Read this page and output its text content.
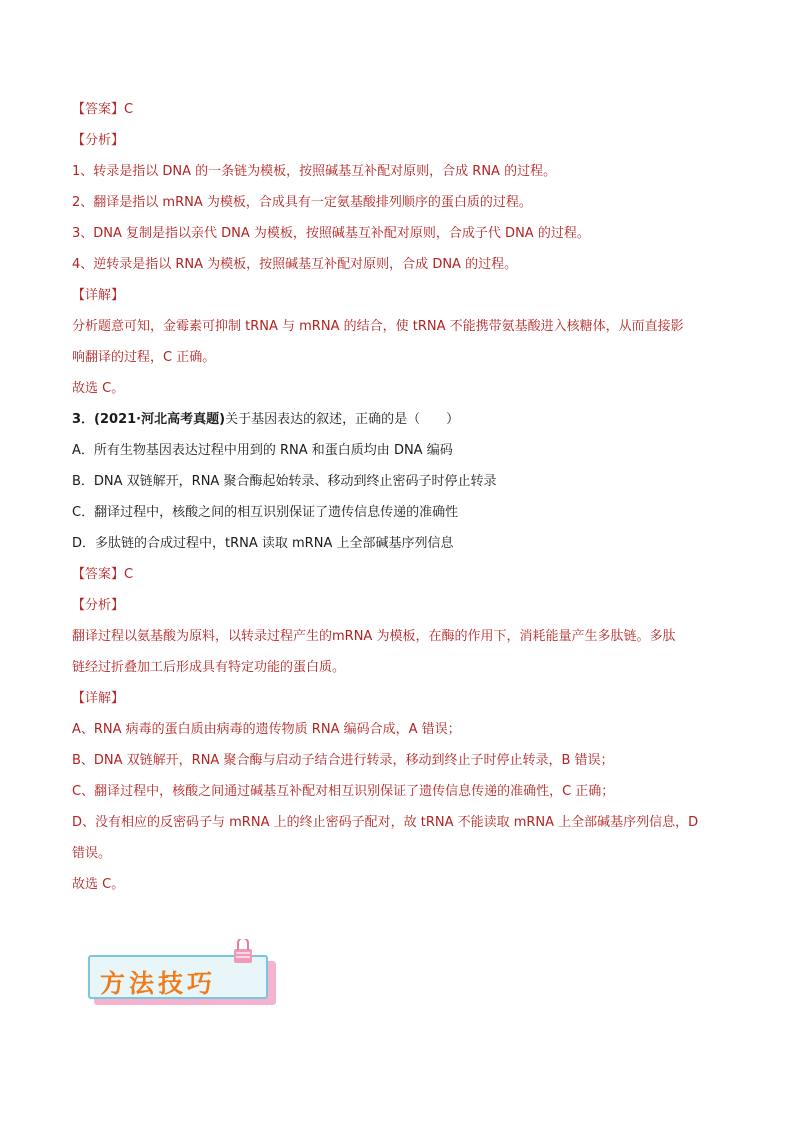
【答案】C
【分析】
1、转录是指以 DNA 的一条链为模板，按照碱基互补配对原则，合成 RNA 的过程。
2、翻译是指以 mRNA 为模板，合成具有一定氨基酸排列顺序的蛋白质的过程。
3、DNA 复制是指以亲代 DNA 为模板，按照碱基互补配对原则，合成子代 DNA 的过程。
4、逆转录是指以 RNA 为模板，按照碱基互补配对原则，合成 DNA 的过程。
【详解】
分析题意可知，金霉素可抑制 tRNA 与 mRNA 的结合，使 tRNA 不能携带氨基酸进入核糖体，从而直接影
响翻译的过程，C 正确。
故选 C。
3．(2021·河北高考真题)关于基因表达的叙述，正确的是（　　）
A．所有生物基因表达过程中用到的 RNA 和蛋白质均由 DNA 编码
B．DNA 双链解开，RNA 聚合酶起始转录、移动到终止密码子时停止转录
C．翻译过程中，核酸之间的相互识别保证了遗传信息传递的准确性
D．多肽链的合成过程中，tRNA 读取 mRNA 上全部碱基序列信息
【答案】C
【分析】
翻译过程以氨基酸为原料，以转录过程产生的mRNA 为模板，在酶的作用下，消耗能量产生多肽链。多肽
链经过折叠加工后形成具有特定功能的蛋白质。
【详解】
A、RNA 病毒的蛋白质由病毒的遗传物质 RNA 编码合成，A 错误；
B、DNA 双链解开，RNA 聚合酶与启动子结合进行转录，移动到终止子时停止转录，B 错误；
C、翻译过程中，核酸之间通过碱基互补配对相互识别保证了遗传信息传递的准确性，C 正确；
D、没有相应的反密码子与 mRNA 上的终止密码子配对，故 tRNA 不能读取 mRNA 上全部碱基序列信息，D
错误。
故选 C。
方法技巧
